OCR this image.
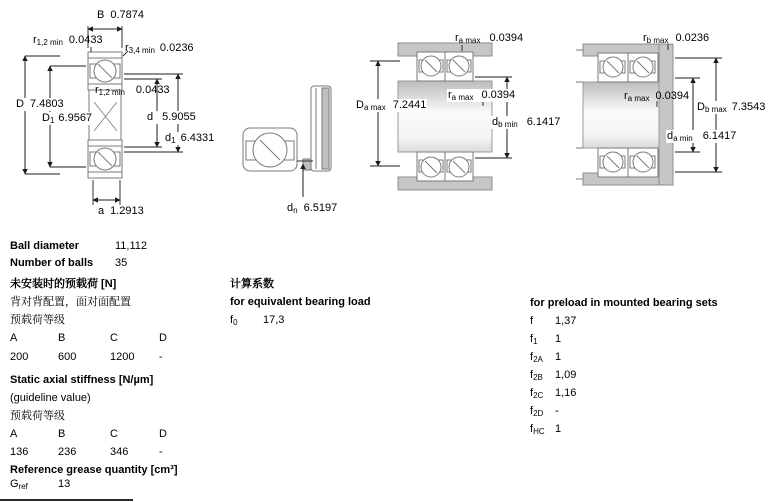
B 0.7874
$r_{1,2 min}$ 0.0433
$r_{3,4 min}$ 0.0236
D 7.4803
$D_1$ 6.9567
$r_{1,2 min}$ 0.0433
d 5.9055
$d_1$ 6.4331
a 1.2913	$d_n$ 6.5197
$r_{a max}$ 0.0394
$D_{a max}$ 7.2441
$r_{a max}$ 0.0394
$d_{b min}$ 6.1417
$r_{b max}$ 0.0236
$r_{a max}$ 0.0394
$D_{b max}$ 7.3543
$d_{a min}$ 6.1417
Ball diameter	11,112
Number of balls 35
未安装时的预载荷 [N]
背对背配置，面对面配置
预载荷等级
A	B	C	D
200	600	1200 -
Static axial stiffness [N/µm]
(guideline value)
预载荷等级
A	B	C	D
136	236	346	-
Reference grease quantity [cm³]
$G_{ref}$	13
计算系数
for equivalent bearing load
$f_0$ 17,3
for preload in mounted bearing sets
f 1,37
$f_1$ 1
$f_{2A}$ 1
$f_{2B}$ 1,09
$f_{2C}$ 1,16
$f_{2D}$ -
$f_{HC}$ 1
